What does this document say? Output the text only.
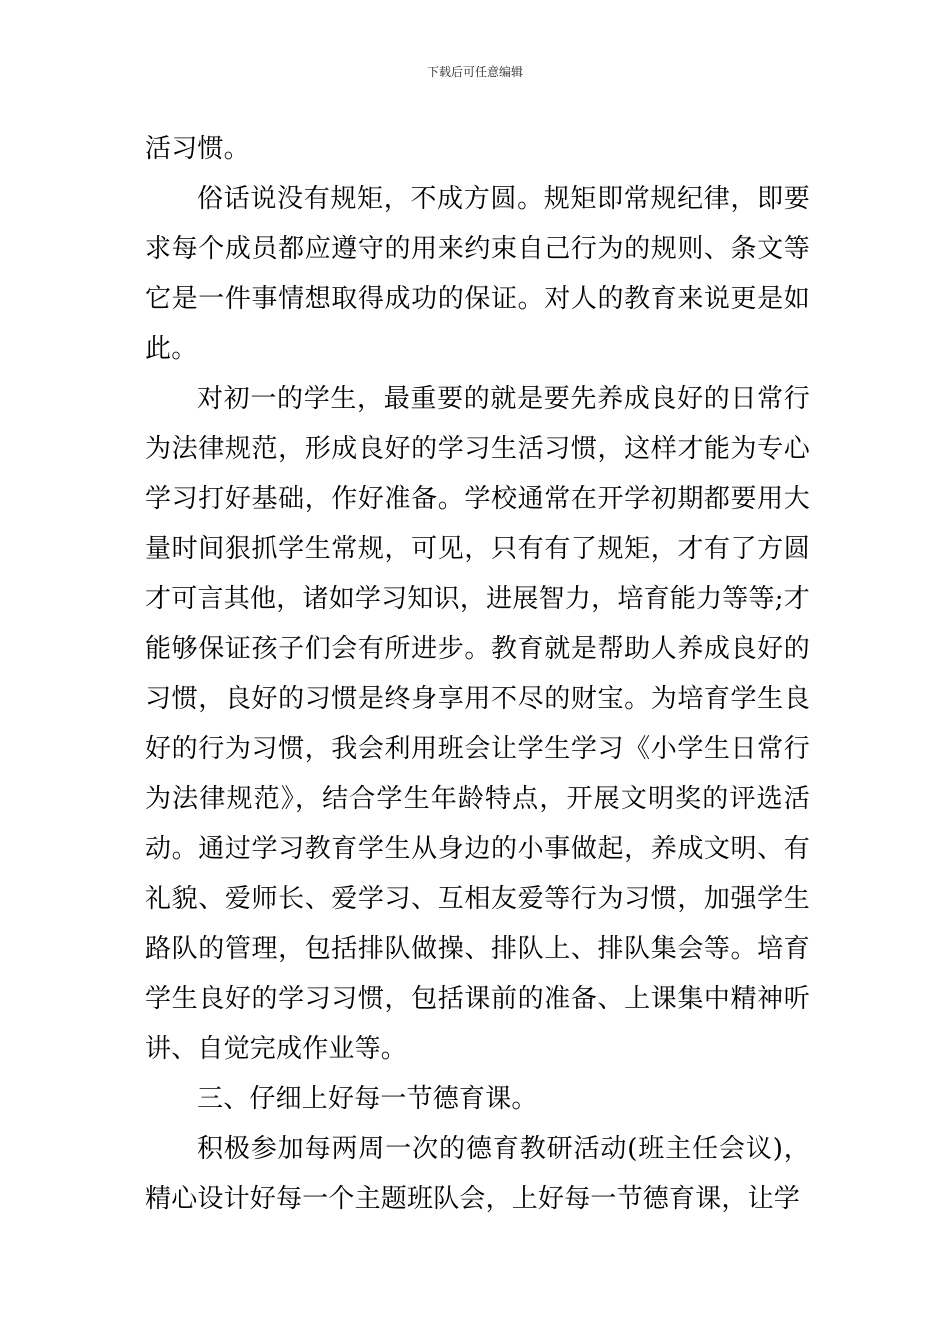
下载后可任意编辑

活习惯。

俗话说没有规矩，不成方圆。规矩即常规纪律，即要求每个成员都应遵守的用来约束自己行为的规则、条文等它是一件事情想取得成功的保证。对人的教育来说更是如此。

对初一的学生，最重要的就是要先养成良好的日常行为法律规范，形成良好的学习生活习惯，这样才能为专心学习打好基础，作好准备。学校通常在开学初期都要用大量时间狠抓学生常规，可见，只有有了规矩，才有了方圆才可言其他，诸如学习知识，进展智力，培育能力等等;才能够保证孩子们会有所进步。教育就是帮助人养成良好的习惯，良好的习惯是终身享用不尽的财宝。为培育学生良好的行为习惯，我会利用班会让学生学习《小学生日常行为法律规范》，结合学生年龄特点，开展文明奖的评选活动。通过学习教育学生从身边的小事做起，养成文明、有礼貌、爱师长、爱学习、互相友爱等行为习惯，加强学生路队的管理，包括排队做操、排队上、排队集会等。培育学生良好的学习习惯，包括课前的准备、上课集中精神听讲、自觉完成作业等。

三、仔细上好每一节德育课。

积极参加每两周一次的德育教研活动(班主任会议)，精心设计好每一个主题班队会，上好每一节德育课，让学
